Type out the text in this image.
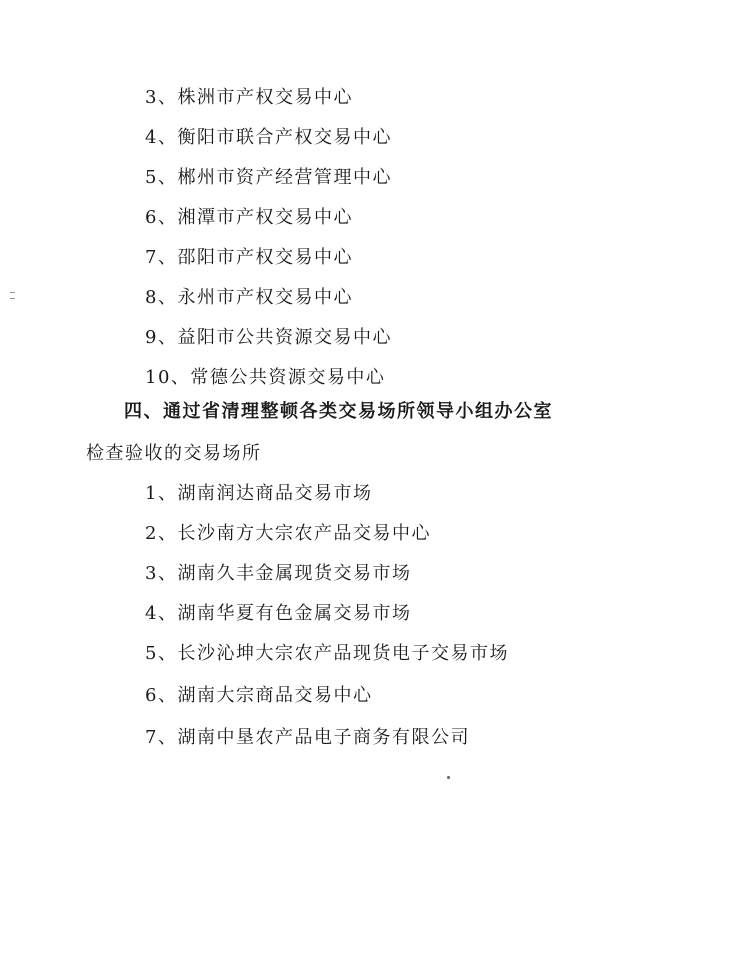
3、株洲市产权交易中心
4、衡阳市联合产权交易中心
5、郴州市资产经营管理中心
6、湘潭市产权交易中心
7、邵阳市产权交易中心
8、永州市产权交易中心
9、益阳市公共资源交易中心
10、常德公共资源交易中心
四、通过省清理整顿各类交易场所领导小组办公室
检查验收的交易场所
1、湖南润达商品交易市场
2、长沙南方大宗农产品交易中心
3、湖南久丰金属现货交易市场
4、湖南华夏有色金属交易市场
5、长沙沁坤大宗农产品现货电子交易市场
6、湖南大宗商品交易中心
7、湖南中垦农产品电子商务有限公司
